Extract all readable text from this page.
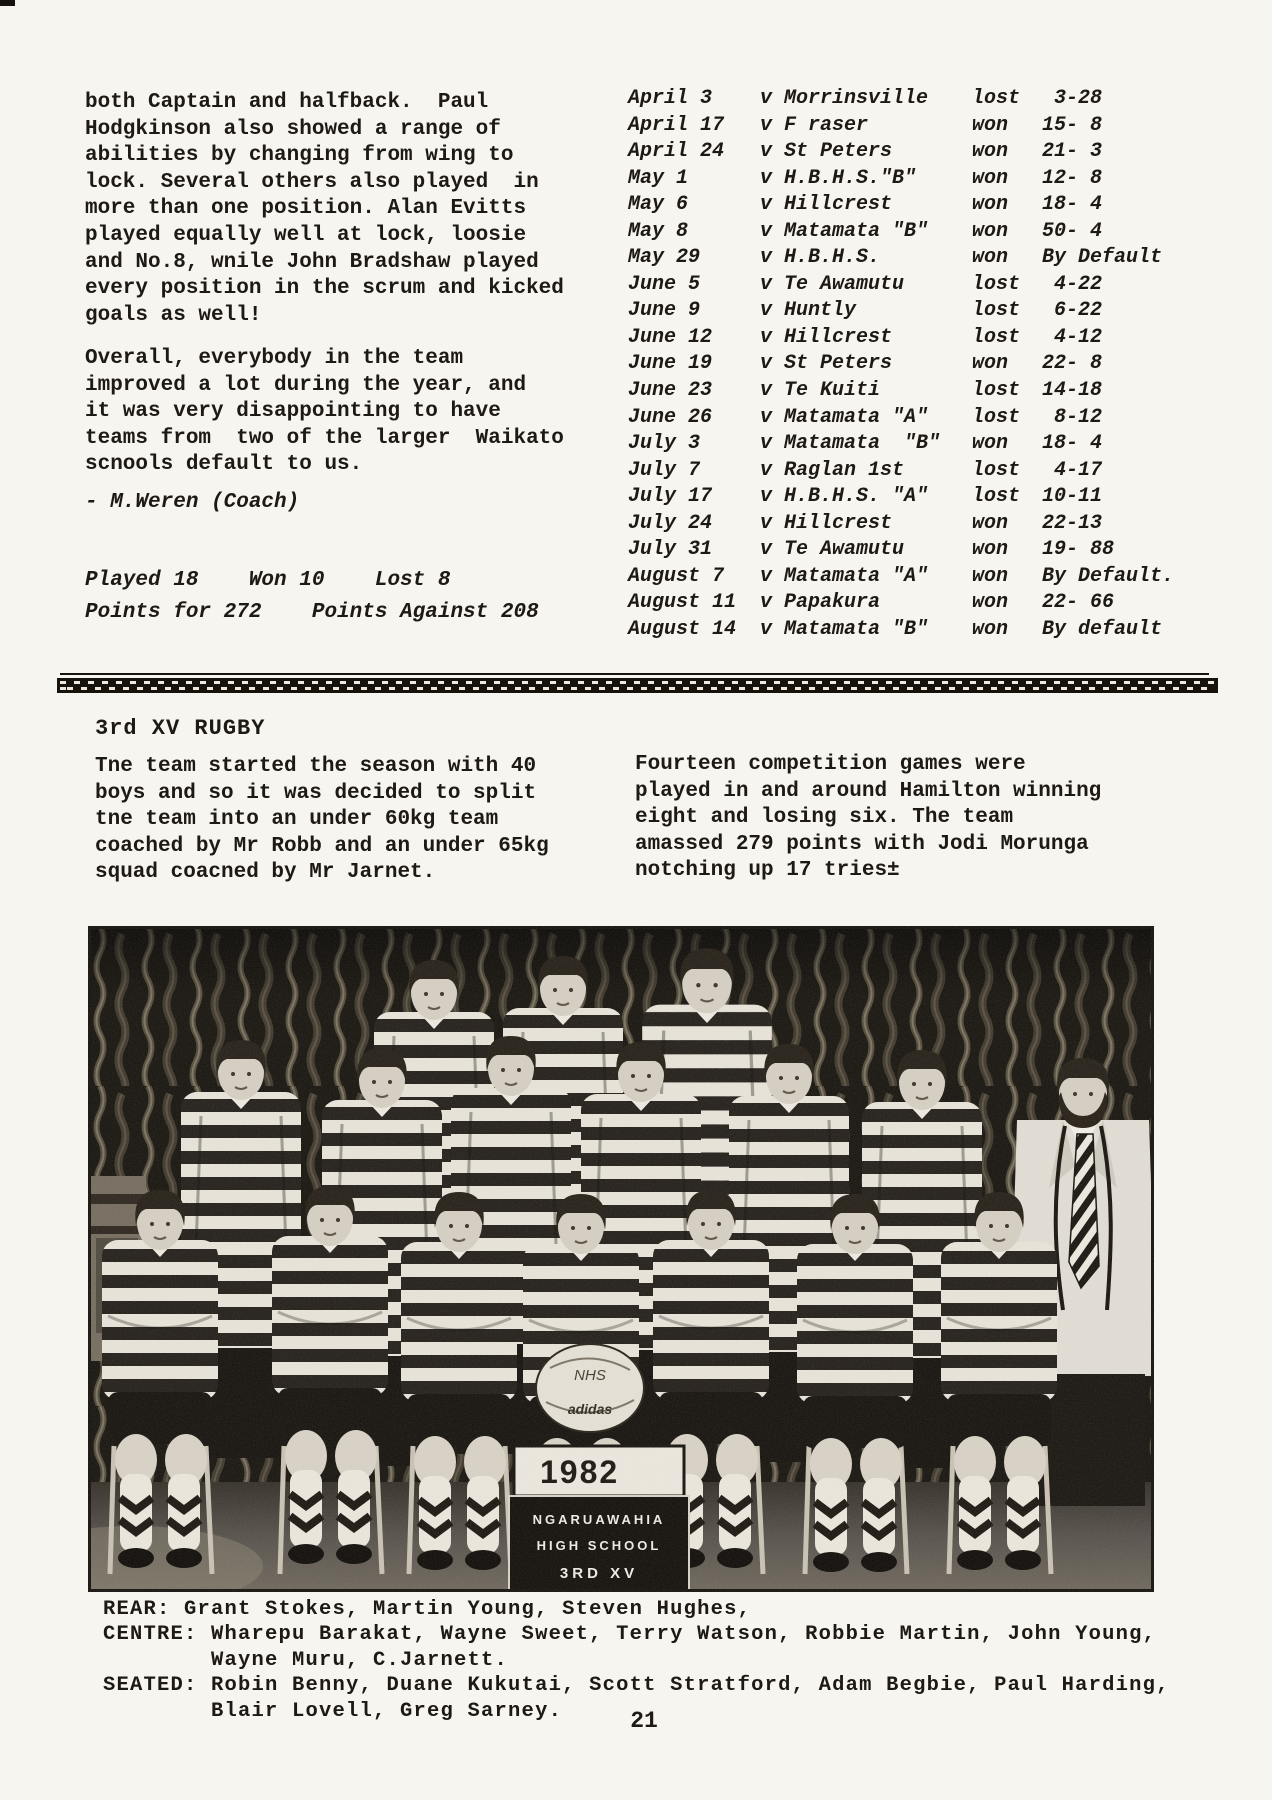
both Captain and halfback.  Paul
Hodgkinson also showed a range of
abilities by changing from wing to
lock. Several others also played  in
more than one position. Alan Evitts
played equally well at lock, loosie
and No.8, wnile John Bradshaw played
every position in the scrum and kicked
goals as well!
Overall, everybody in the team
improved a lot during the year, and
it was very disappointing to have
teams from  two of the larger  Waikato
scnools default to us.
- M.Weren (Coach)
Played 18    Won 10    Lost 8
Points for 272    Points Against 208
April 3	v Morrinsville	lost	3-28
April 17	v F raser	won	15- 8
April 24	v St Peters	won	21- 3
May 1	v H.B.H.S."B"	won	12- 8
May 6	v Hillcrest	won	18- 4
May 8	v Matamata "B"	won	50- 4
May 29	v H.B.H.S.	won	By Default
June 5	v Te Awamutu	lost	4-22
June 9	v Huntly	lost	6-22
June 12	v Hillcrest	lost	4-12
June 19	v St Peters	won	22- 8
June 23	v Te Kuiti	lost	14-18
June 26	v Matamata "A"	lost	8-12
July 3	v Matamata  "B"	won	18- 4
July 7	v Raglan 1st	lost	4-17
July 17	v H.B.H.S. "A"	lost	10-11
July 24	v Hillcrest	won	22-13
July 31	v Te Awamutu	won	19- 88
August 7	v Matamata "A"	won	By Default.
August 11	v Papakura	won	22- 66
August 14	v Matamata "B"	won	By default
3rd XV RUGBY
Tne team started the season with 40
boys and so it was decided to split
tne team into an under 60kg team
coached by Mr Robb and an under 65kg
squad coacned by Mr Jarnet.
Fourteen competition games were
played in and around Hamilton winning
eight and losing six. The team
amassed 279 points with Jodi Morunga
notching up 17 tries±
NHS
adidas
1982
NGARUAWAHIA
HIGH SCHOOL
3RD XV
REAR: Grant Stokes, Martin Young, Steven Hughes,
CENTRE: Wharepu Barakat, Wayne Sweet, Terry Watson, Robbie Martin, John Young,
Wayne Muru, C.Jarnett.
SEATED: Robin Benny, Duane Kukutai, Scott Stratford, Adam Begbie, Paul Harding,
Blair Lovell, Greg Sarney.	21
